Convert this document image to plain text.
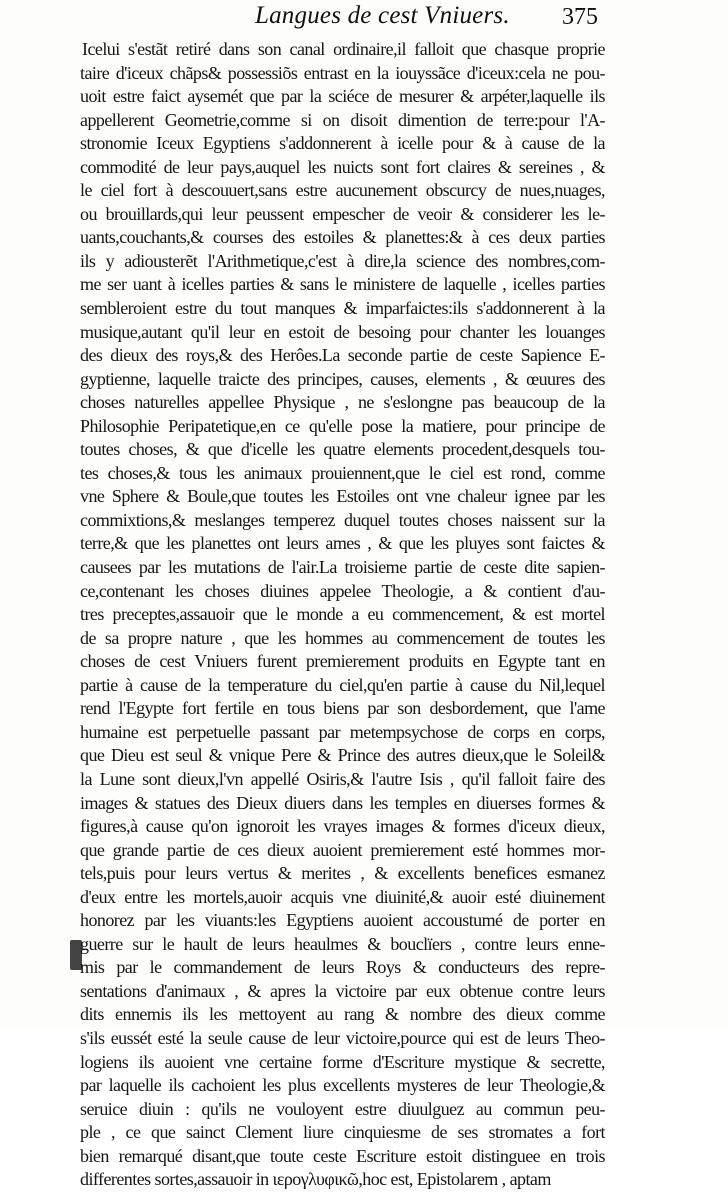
Langues de cest Vniuers. 375
Icelui s'estãt retiré dans son canal ordinaire,il falloit que chasque proprie
taire d'iceux chãps& possessiõs entrast en la iouyssãce d'iceux:cela ne pou-
uoit estre faict aysemét que par la sciéce de mesurer & arpéter,laquelle ils
appellerent Geometrie,comme si on disoit dimention de terre:pour l'A-
stronomie Iceux Egyptiens s'addonnerent à icelle pour & à cause de la
commodité de leur pays,auquel les nuicts sont fort claires & sereines , &
le ciel fort à descouuert,sans estre aucunement obscurcy de nues,nuages,
ou brouillards,qui leur peussent empescher de veoir & considerer les le-
uants,couchants,& courses des estoiles & planettes:& à ces deux parties
ils y adiousterẽt l'Arithmetique,c'est à dire,la science des nombres,com-
me ser uant à icelles parties & sans le ministere de laquelle , icelles parties
sembleroient estre du tout manques & imparfaictes:ils s'addonnerent à la
musique,autant qu'il leur en estoit de besoing pour chanter les louanges
des dieux des roys,& des Herôes.La seconde partie de ceste Sapience E-
gyptienne, laquelle traicte des principes, causes, elements , & œuures des
choses naturelles appellee Physique , ne s'eslongne pas beaucoup de la
Philosophie Peripatetique,en ce qu'elle pose la matiere, pour principe de
toutes choses, & que d'icelle les quatre elements procedent,desquels tou-
tes choses,& tous les animaux prouiennent,que le ciel est rond, comme
vne Sphere & Boule,que toutes les Estoiles ont vne chaleur ignee par les
commixtions,& meslanges temperez duquel toutes choses naissent sur la
terre,& que les planettes ont leurs ames , & que les pluyes sont faictes &
causees par les mutations de l'air.La troisieme partie de ceste dite sapien-
ce,contenant les choses diuines appelee Theologie, a & contient d'au-
tres preceptes,assauoir que le monde a eu commencement, & est mortel
de sa propre nature , que les hommes au commencement de toutes les
choses de cest Vniuers furent premierement produits en Egypte tant en
partie à cause de la temperature du ciel,qu'en partie à cause du Nil,lequel
rend l'Egypte fort fertile en tous biens par son desbordement, que l'ame
humaine est perpetuelle passant par metempsychose de corps en corps,
que Dieu est seul & vnique Pere & Prince des autres dieux,que le Soleil&
la Lune sont dieux,l'vn appellé Osiris,& l'autre Isis , qu'il falloit faire des
images & statues des Dieux diuers dans les temples en diuerses formes &
figures,à cause qu'on ignoroit les vrayes images & formes d'iceux dieux,
que grande partie de ces dieux auoient premierement esté hommes mor-
tels,puis pour leurs vertus & merites , & excellents benefices esmanez
d'eux entre les mortels,auoir acquis vne diuinité,& auoir esté diuinement
honorez par les viuants:les Egyptiens auoient accoustumé de porter en
guerre sur le hault de leurs heaulmes & bouclïers , contre leurs enne-
mis par le commandement de leurs Roys & conducteurs des repre-
sentations d'animaux , & apres la victoire par eux obtenue contre leurs
dits ennemis ils les mettoyent au rang & nombre des dieux comme
s'ils eussét esté la seule cause de leur victoire,pource qui est de leurs Theo-
logiens ils auoient vne certaine forme d'Escriture mystique & secrette,
par laquelle ils cachoient les plus excellents mysteres de leur Theologie,&
seruice diuin : qu'ils ne vouloyent estre diuulguez au commun peu-
ple , ce que sainct Clement liure cinquiesme de ses stromates a fort
bien remarqué disant,que toute ceste Escriture estoit distinguee en trois
differentes sortes,assauoir in ιερογλυφικῶ,hoc est, Epistolarem , aptam
